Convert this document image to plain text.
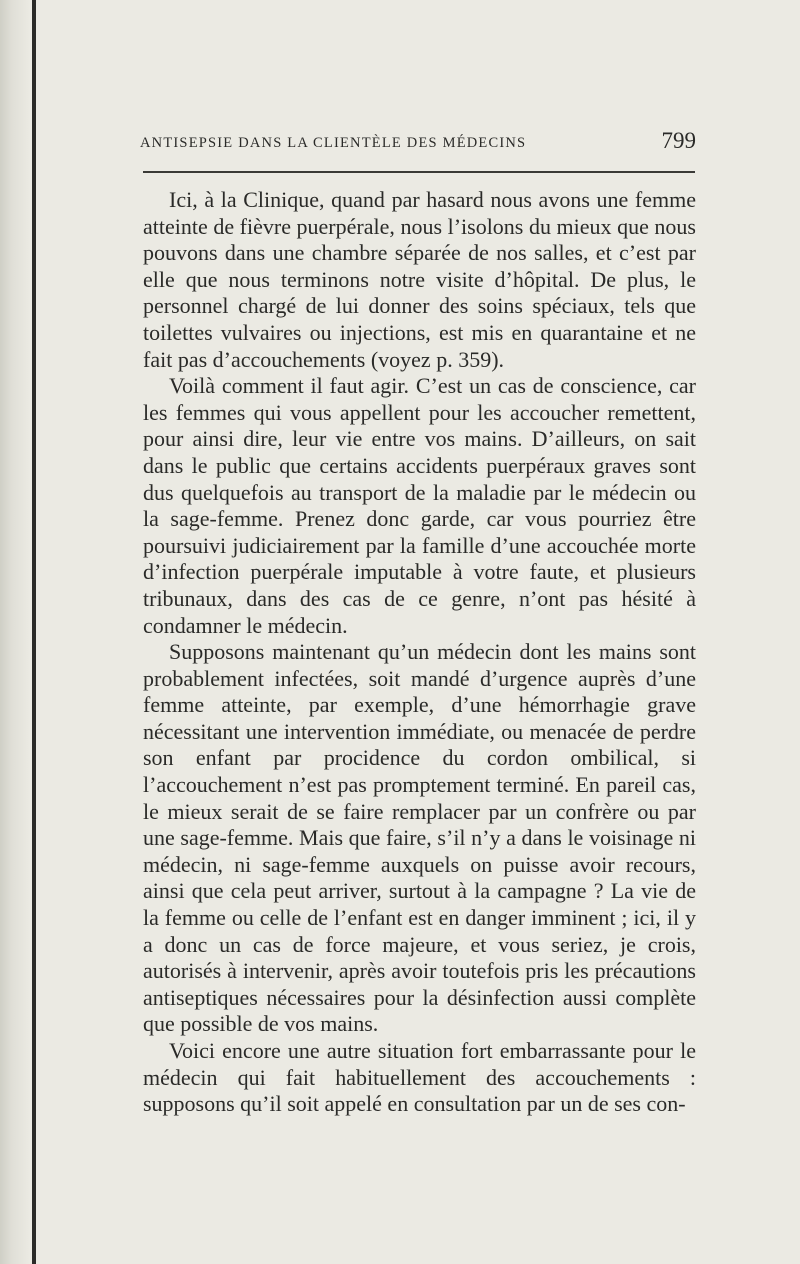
ANTISEPSIE DANS LA CLIENTÈLE DES MÉDECINS	799

Ici, à la Clinique, quand par hasard nous avons une femme atteinte de fièvre puerpérale, nous l’isolons du mieux que nous pouvons dans une chambre séparée de nos salles, et c’est par elle que nous terminons notre visite d’hôpital. De plus, le personnel chargé de lui donner des soins spéciaux, tels que toilettes vulvaires ou injections, est mis en quarantaine et ne fait pas d’accouchements (voyez p. 359).

Voilà comment il faut agir. C’est un cas de conscience, car les femmes qui vous appellent pour les accoucher remettent, pour ainsi dire, leur vie entre vos mains. D’ailleurs, on sait dans le public que certains accidents puerpéraux graves sont dus quelquefois au transport de la maladie par le médecin ou la sage-femme. Prenez donc garde, car vous pourriez être poursuivi judiciairement par la famille d’une accouchée morte d’infection puerpérale imputable à votre faute, et plusieurs tribunaux, dans des cas de ce genre, n’ont pas hésité à condamner le médecin.

Supposons maintenant qu’un médecin dont les mains sont probablement infectées, soit mandé d’urgence auprès d’une femme atteinte, par exemple, d’une hémorrhagie grave nécessitant une intervention immédiate, ou menacée de perdre son enfant par procidence du cordon ombilical, si l’accouchement n’est pas promptement terminé. En pareil cas, le mieux serait de se faire remplacer par un confrère ou par une sage-femme. Mais que faire, s’il n’y a dans le voisinage ni médecin, ni sage-femme auxquels on puisse avoir recours, ainsi que cela peut arriver, surtout à la campagne ? La vie de la femme ou celle de l’enfant est en danger imminent ; ici, il y a donc un cas de force majeure, et vous seriez, je crois, autorisés à intervenir, après avoir toutefois pris les précautions antiseptiques nécessaires pour la désinfection aussi complète que possible de vos mains.

Voici encore une autre situation fort embarrassante pour le médecin qui fait habituellement des accouchements : supposons qu’il soit appelé en consultation par un de ses con-
